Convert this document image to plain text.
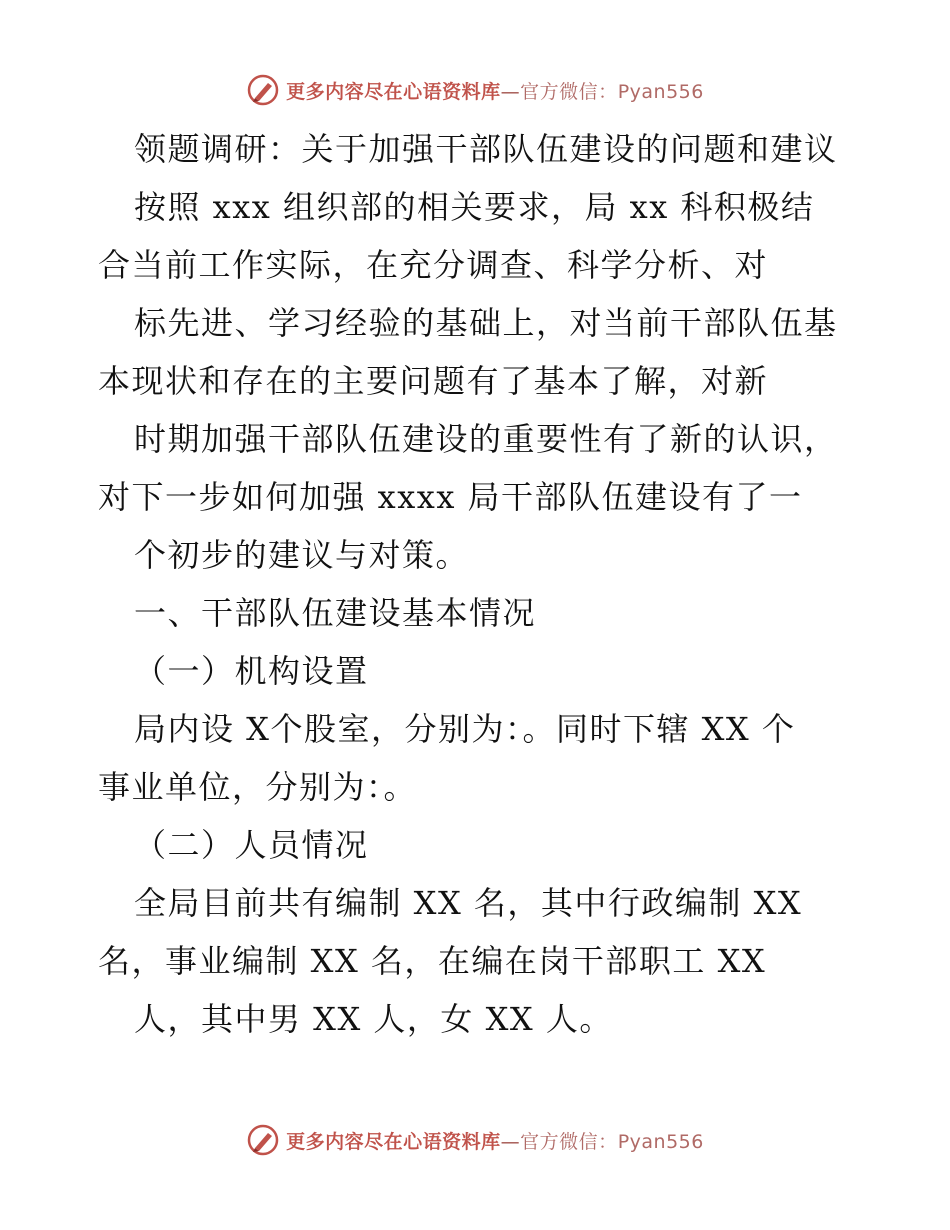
更多内容尽在心语资料库—官方微信：Pyan556
领题调研：关于加强干部队伍建设的问题和建议
按照 xxx 组织部的相关要求，局 xx 科积极结
合当前工作实际，在充分调查、科学分析、对
标先进、学习经验的基础上，对当前干部队伍基
本现状和存在的主要问题有了基本了解，对新
时期加强干部队伍建设的重要性有了新的认识，
对下一步如何加强 xxxx 局干部队伍建设有了一
个初步的建议与对策。
一、干部队伍建设基本情况
（一）机构设置
局内设 X个股室，分别为：。同时下辖 XX 个
事业单位，分别为：。
（二）人员情况
全局目前共有编制 XX 名，其中行政编制 XX
名，事业编制 XX 名，在编在岗干部职工 XX
人，其中男 XX 人，女 XX 人。
更多内容尽在心语资料库—官方微信：Pyan556
